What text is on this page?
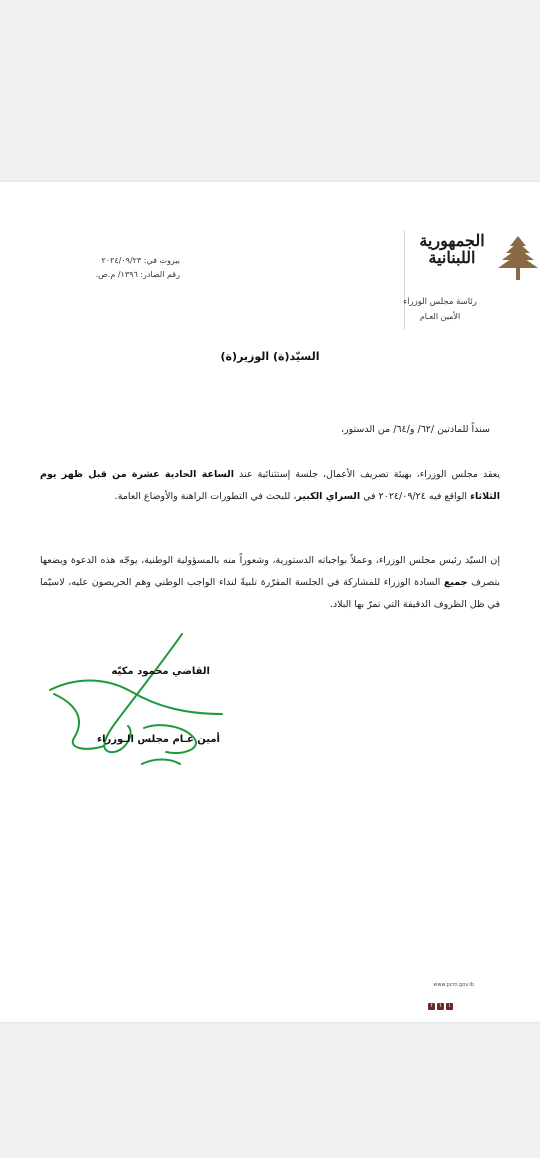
الجمهورية
اللبنانية
رئاسة مجلس الوزراء
الأمين العـام
بيروت في: ٢٠٢٤/٠٩/٢٣
رقم الصادر: ١٣٩٦/ م.ص.
السيّد(ة) الوزير(ة)
سنداً للمادتين /٦٢/ و/٦٤/ من الدستور،
يعقد مجلس الوزراء، بهيئة تصريف الأعمال، جلسة إستثنائية عند الساعة الحادية عشرة من قبل ظهر يوم الثلاثاء الواقع فيه ٢٠٢٤/٠٩/٢٤ في السراي الكبير، للبحث في التطورات الراهنة والأوضاع العامة.
إن السيّد رئيس مجلس الوزراء، وعملاً بواجباته الدستورية، وشعوراً منه بالمسؤولية الوطنية، يوجّه هذه الدعوة ويضعها بتصرف جميع السادة الوزراء للمشاركة في الجلسة المقرّرة تلبيةً لنداء الواجب الوطني وهم الحريصون عليه، لاسيّما في ظل الظروف الدقيقة التي تمرّ بها البلاد.
القاضي محمود مكيّه
أمين عـام مجلس الـوزراء
www.pcm.gov.lb
f t i
